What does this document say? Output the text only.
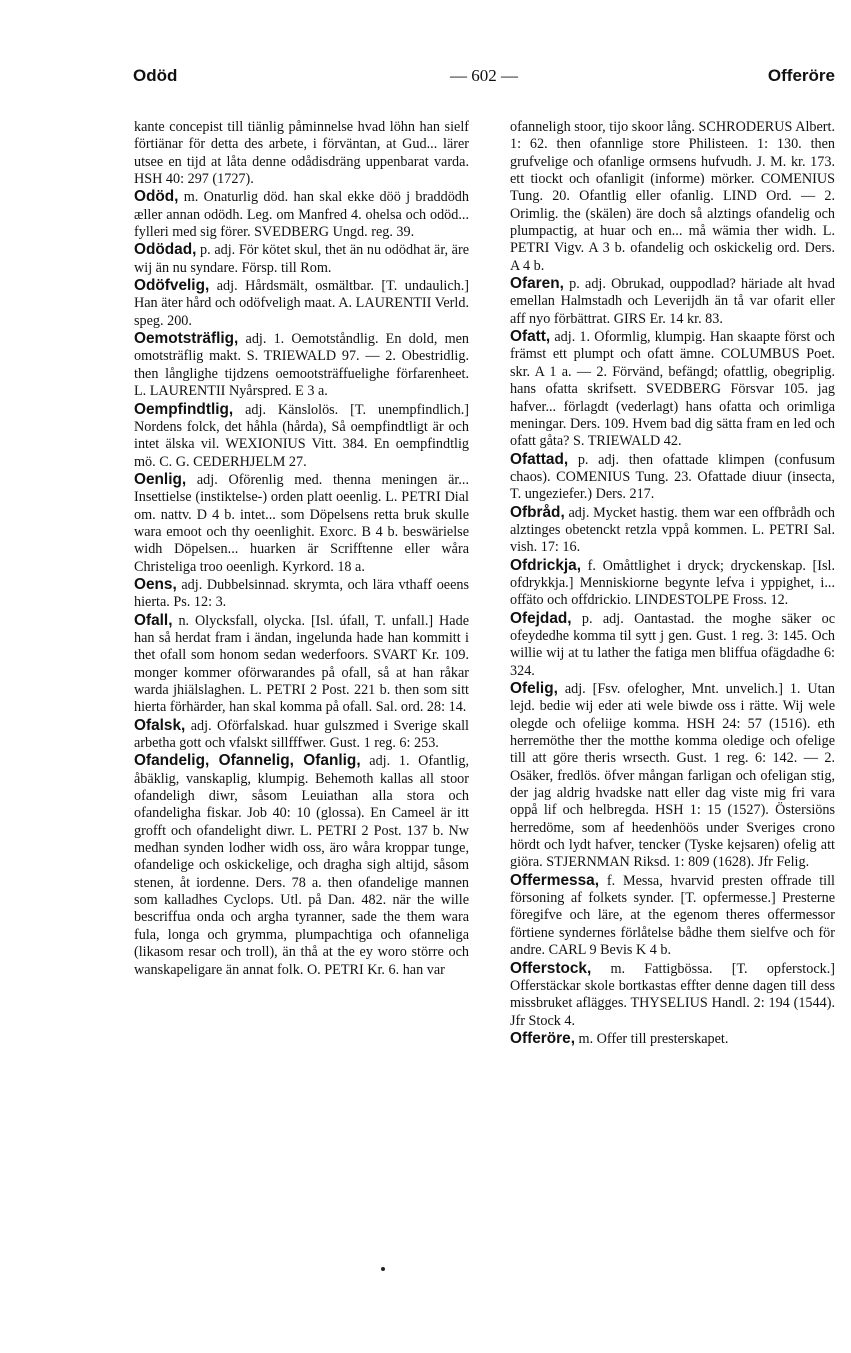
Odöd	— 602 —	Offeröre

kante concepist till tiänlig påminnelse hvad löhn han sielf förtiänar för detta des arbete, i förväntan, at Gud... lärer utsee en tijd at låta denne odådisdräng uppenbarat varda. HSH 40: 297 (1727).

Odöd, m. Onaturlig död. han skal ekke döö j braddödh æller annan odödh. Leg. om Manfred 4. ohelsa och odöd... fylleri med sig förer. SVEDBERG Ungd. reg. 39.

Odödad, p. adj. För kötet skul, thet än nu odödhat är, äre wij än nu syndare. Försp. till Rom.

Odöfvelig, adj. Hårdsmält, osmältbar. [T. undaulich.] Han äter hård och odöfveligh maat. A. LAURENTII Verld. speg. 200.

Oemotsträflig, adj. 1. Oemotståndlig. En dold, men omotsträflig makt. S. TRIEWALD 97. — 2. Obestridlig. then långlighe tijdzens oemootsträffuelighe förfarenheet. L. LAURENTII Nyårspred. E 3 a.

Oempfindtlig, adj. Känslolös. [T. unempfindlich.] Nordens folck, det håhla (hårda), Så oempfindtligt är och intet älska vil. WEXIONIUS Vitt. 384. En oempfindtlig mö. C. G. CEDERHJELM 27.

Oenlig, adj. Oförenlig med. thenna meningen är... Insettielse (instiktelse-) orden platt oeenlig. L. PETRI Dial om. nattv. D 4 b. intet... som Döpelsens retta bruk skulle wara emoot och thy oeenlighit. Exorc. B 4 b. beswärielse widh Döpelsen... huarken är Scrifftenne eller wåra Christeliga troo oeenligh. Kyrkord. 18 a.

Oens, adj. Dubbelsinnad. skrymta, och lära vthaff oeens hierta. Ps. 12: 3.

Ofall, n. Olycksfall, olycka. [Isl. úfall, T. unfall.] Hade han så herdat fram i ändan, ingelunda hade han kommitt i thet ofall som honom sedan wederfoors. SVART Kr. 109. monger kommer oförwarandes på ofall, så at han råkar warda jhiälslaghen. L. PETRI 2 Post. 221 b. then som sitt hierta förhärder, han skal komma på ofall. Sal. ord. 28: 14.

Ofalsk, adj. Oförfalskad. huar gulszmed i Sverige skall arbetha gott och vfalskt sillfffwer. Gust. 1 reg. 6: 253.

Ofandelig, Ofannelig, Ofanlig, adj. 1. Ofantlig, åbäklig, vanskaplig, klumpig. Behemoth kallas all stoor ofandeligh diwr, såsom Leuiathan alla stora och ofandeligha fiskar. Job 40: 10 (glossa). En Cameel är itt grofft och ofandelight diwr. L. PETRI 2 Post. 137 b. Nw medhan synden lodher widh oss, äro wåra kroppar tunge, ofandelige och oskickelige, och dragha sigh altijd, såsom stenen, åt iordenne. Ders. 78 a. then ofandelige mannen som kalladhes Cyclops. Utl. på Dan. 482. när the wille bescriffua onda och argha tyranner, sade the them wara fula, longa och grymma, plumpachtiga och ofanneliga (likasom resar och troll), än thå at the ey woro större och wanskapeligare än annat folk. O. PETRI Kr. 6. han var

ofanneligh stoor, tijo skoor lång. SCHRODERUS Albert. 1: 62. then ofannlige store Philisteen. 1: 130. then grufvelige och ofanlige ormsens hufvudh. J. M. kr. 173. ett tiockt och ofanligit (informe) mörker. COMENIUS Tung. 20. Ofantlig eller ofanlig. LIND Ord. — 2. Orimlig. the (skälen) äre doch så alztings ofandelig och plumpactig, at huar och en... må wämia ther widh. L. PETRI Vigv. A 3 b. ofandelig och oskickelig ord. Ders. A 4 b.

Ofaren, p. adj. Obrukad, ouppodlad? häriade alt hvad emellan Halmstadh och Leverijdh än tå var ofarit eller aff nyo förbättrat. GIRS Er. 14 kr. 83.

Ofatt, adj. 1. Oformlig, klumpig. Han skaapte först och främst ett plumpt och ofatt ämne. COLUMBUS Poet. skr. A 1 a. — 2. Förvänd, befängd; ofattlig, obegriplig. hans ofatta skrifsett. SVEDBERG Försvar 105. jag hafver... förlagdt (vederlagt) hans ofatta och orimliga meningar. Ders. 109. Hvem bad dig sätta fram en led och ofatt gåta? S. TRIEWALD 42.

Ofattad, p. adj. then ofattade klimpen (confusum chaos). COMENIUS Tung. 23. Ofattade diuur (insecta, T. ungeziefer.) Ders. 217.

Ofbråd, adj. Mycket hastig. them war een offbrådh och alztinges obetenckt retzla vppå kommen. L. PETRI Sal. vish. 17: 16.

Ofdrickja, f. Omåttlighet i dryck; dryckenskap. [Isl. ofdrykkja.] Menniskiorne begynte lefva i yppighet, i... offäto och offdrickio. LINDESTOLPE Fross. 12.

Ofejdad, p. adj. Oantastad. the moghe säker oc ofeydedhe komma til sytt j gen. Gust. 1 reg. 3: 145. Och willie wij at tu lather the fatiga men bliffua ofägdadhe 6: 324.

Ofelig, adj. [Fsv. ofelogher, Mnt. unvelich.] 1. Utan lejd. bedie wij eder ati wele biwde oss i rätte. Wij wele olegde och ofeliige komma. HSH 24: 57 (1516). eth herremöthe ther the motthe komma oledige och ofelige till att göre theris wrsecth. Gust. 1 reg. 6: 142. — 2. Osäker, fredlös. öfver mångan farligan och ofeligan stig, der jag aldrig hvadske natt eller dag viste mig fri vara oppå lif och helbregda. HSH 1: 15 (1527). Östersiöns herredöme, som af heedenhöös under Sveriges crono hördt och lydt hafver, tencker (Tyske kejsaren) ofelig att giöra. STJERNMAN Riksd. 1: 809 (1628). Jfr Felig.

Offermessa, f. Messa, hvarvid presten offrade till försoning af folkets synder. [T. opfermesse.] Presterne föregifve och läre, at the egenom theres offermessor förtiene syndernes förlåtelse bådhe them sielfve och för andre. CARL 9 Bevis K 4 b.

Offerstock, m. Fattigbössa. [T. opferstock.] Offerstäckar skole bortkastas effter denne dagen till dess missbruket aflägges. THYSELIUS Handl. 2: 194 (1544). Jfr Stock 4.

Offeröre, m. Offer till presterskapet.
